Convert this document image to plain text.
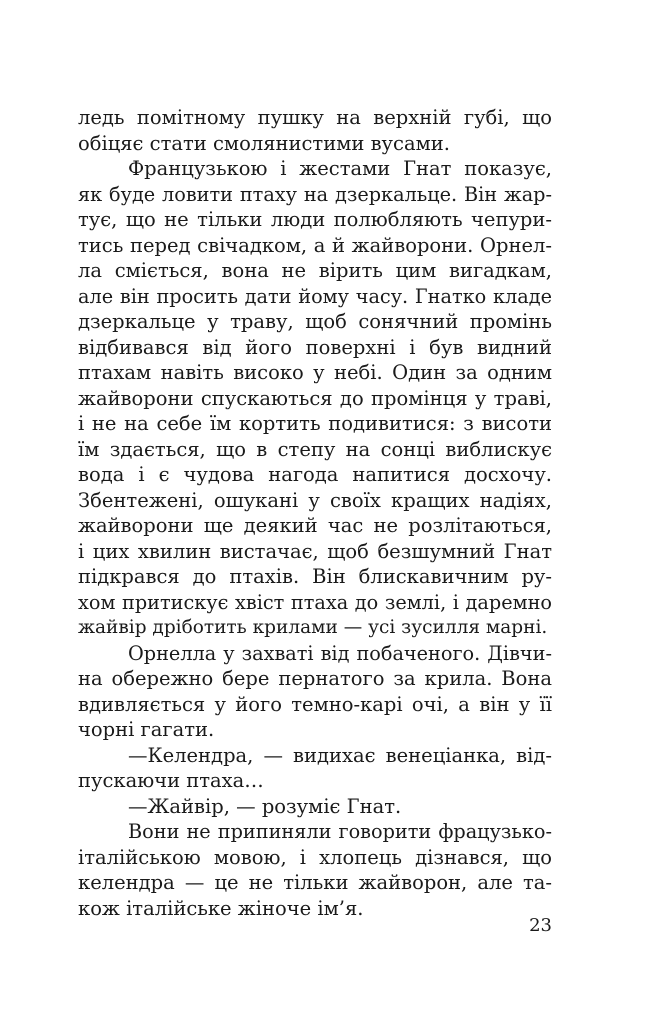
ледь помітному пушку на верхній губі, що
обіцяє стати смолянистими вусами.
Французькою і жестами Гнат показує,
як буде ловити птаху на дзеркальце. Він жар-
тує, що не тільки люди полюбляють чепури-
тись перед свічадком, а й жайворони. Орнел-
ла сміється, вона не вірить цим вигадкам,
але він просить дати йому часу. Гнатко кладе
дзеркальце у траву, щоб сонячний промінь
відбивався від його поверхні і був видний
птахам навіть високо у небі. Один за одним
жайворони спускаються до промінця у траві,
і не на себе їм кортить подивитися: з висоти
їм здається, що в степу на сонці виблискує
вода і є чудова нагода напитися досхочу.
Збентежені, ошукані у своїх кращих надіях,
жайворони ще деякий час не розлітаються,
і цих хвилин вистачає, щоб безшумний Гнат
підкрався до птахів. Він блискавичним ру-
хом притискує хвіст птаха до землі, і даремно
жайвір дріботить крилами — усі зусилля марні.
Орнелла у захваті від побаченого. Дівчи-
на обережно бере пернатого за крила. Вона
вдивляється у його темно-карі очі, а він у її
чорні гагати.
—Келендра, — видихає венеціанка, від-
пускаючи птаха…
—Жайвір, — розуміє Гнат.
Вони не припиняли говорити фрацузько-
італійською мовою, і хлопець дізнався, що
келендра — це не тільки жайворон, але та-
кож італійське жіноче ім’я.
23
